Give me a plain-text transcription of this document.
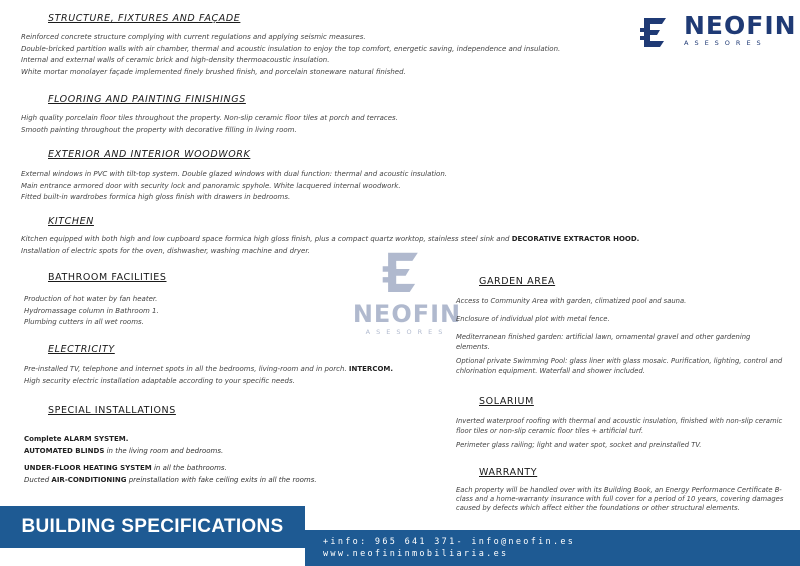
NEOFIN
ASESORES
NEOFIN
ASESORES
STRUCTURE, FIXTURES AND FAÇADE
Reinforced concrete structure complying with current regulations and applying seismic measures.
Double-bricked partition walls with air chamber, thermal and acoustic insulation to enjoy the top comfort, energetic saving, independence and insulation.
Internal and external walls of ceramic brick and high-density thermoacoustic insulation.
White mortar monolayer façade implemented finely brushed finish, and porcelain stoneware natural finished.
FLOORING AND PAINTING FINISHINGS
High quality porcelain floor tiles throughout the property. Non-slip ceramic floor tiles at porch and terraces.
Smooth painting throughout the property with decorative filling in living room.
EXTERIOR AND INTERIOR WOODWORK
External windows in PVC with tilt-top system. Double glazed windows with dual function: thermal and acoustic insulation.
Main entrance armored door with security lock and panoramic spyhole. White lacquered internal woodwork.
Fitted built-in wardrobes formica high gloss finish with drawers in bedrooms.
KITCHEN
Kitchen equipped with both high and low cupboard space formica high gloss finish, plus a compact quartz worktop, stainless steel sink and DECORATIVE EXTRACTOR HOOD.
Installation of electric spots for the oven, dishwasher, washing machine and dryer.
BATHROOM FACILITIES
Production of hot water by fan heater.
Hydromassage column in Bathroom 1.
Plumbing cutters in all wet rooms.
ELECTRICITY
Pre-installed TV, telephone and internet spots in all the bedrooms, living-room and in porch. INTERCOM.
High security electric installation adaptable according to your specific needs.
SPECIAL INSTALLATIONS
Complete ALARM SYSTEM.
AUTOMATED BLINDS in the living room and bedrooms.
UNDER-FLOOR HEATING SYSTEM in all the bathrooms.
Ducted AIR-CONDITIONING preinstallation with fake ceiling exits in all the rooms.
GARDEN AREA
Access to Community Area with garden, climatized pool and sauna.
Enclosure of individual plot with metal fence.
Mediterranean finished garden: artificial lawn, ornamental gravel and other gardening elements.
Optional private Swimming Pool: glass liner with glass mosaic. Purification, lighting, control and chlorination equipment. Waterfall and shower included.
SOLARIUM
Inverted waterproof roofing with thermal and acoustic insulation, finished with non-slip ceramic floor tiles or non-slip ceramic floor tiles + artificial turf.
Perimeter glass railing; light and water spot, socket and preinstalled TV.
WARRANTY
Each property will be handled over with its Building Book, an Energy Performance Certificate B-class and a home-warranty insurance with full cover for a period of 10 years, covering damages caused by defects which affect either the foundations or other structural elements.
BUILDING SPECIFICATIONS
+info: 965 641 371- info@neofin.es
www.neofininmobiliaria.es
